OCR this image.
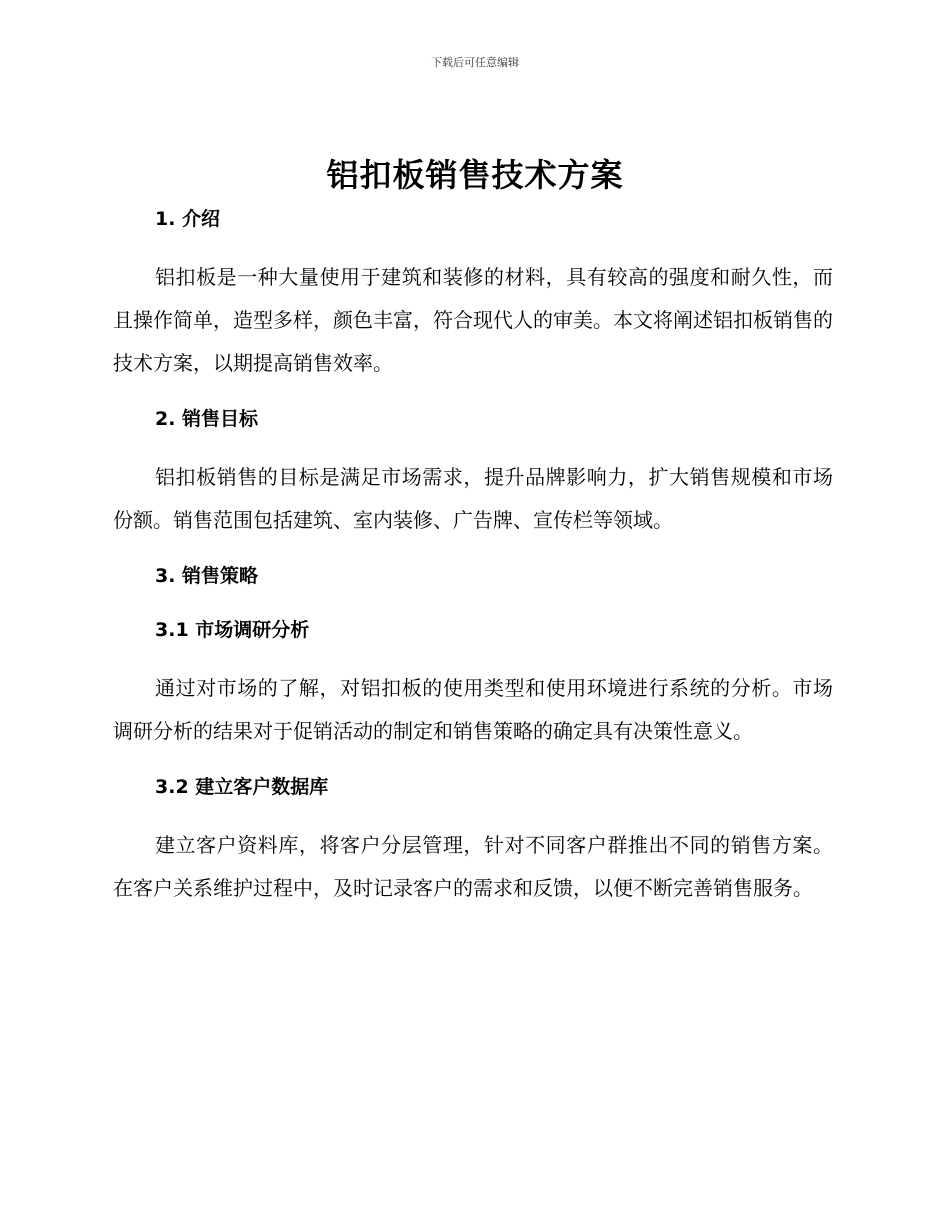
下载后可任意编辑
铝扣板销售技术方案
1. 介绍

铝扣板是一种大量使用于建筑和装修的材料，具有较高的强度和耐久性，而且操作简单，造型多样，颜色丰富，符合现代人的审美。本文将阐述铝扣板销售的技术方案，以期提高销售效率。

2. 销售目标

铝扣板销售的目标是满足市场需求，提升品牌影响力，扩大销售规模和市场份额。销售范围包括建筑、室内装修、广告牌、宣传栏等领域。

3. 销售策略
3.1 市场调研分析

通过对市场的了解，对铝扣板的使用类型和使用环境进行系统的分析。市场调研分析的结果对于促销活动的制定和销售策略的确定具有决策性意义。

3.2 建立客户数据库

建立客户资料库，将客户分层管理，针对不同客户群推出不同的销售方案。在客户关系维护过程中，及时记录客户的需求和反馈，以便不断完善销售服务。
